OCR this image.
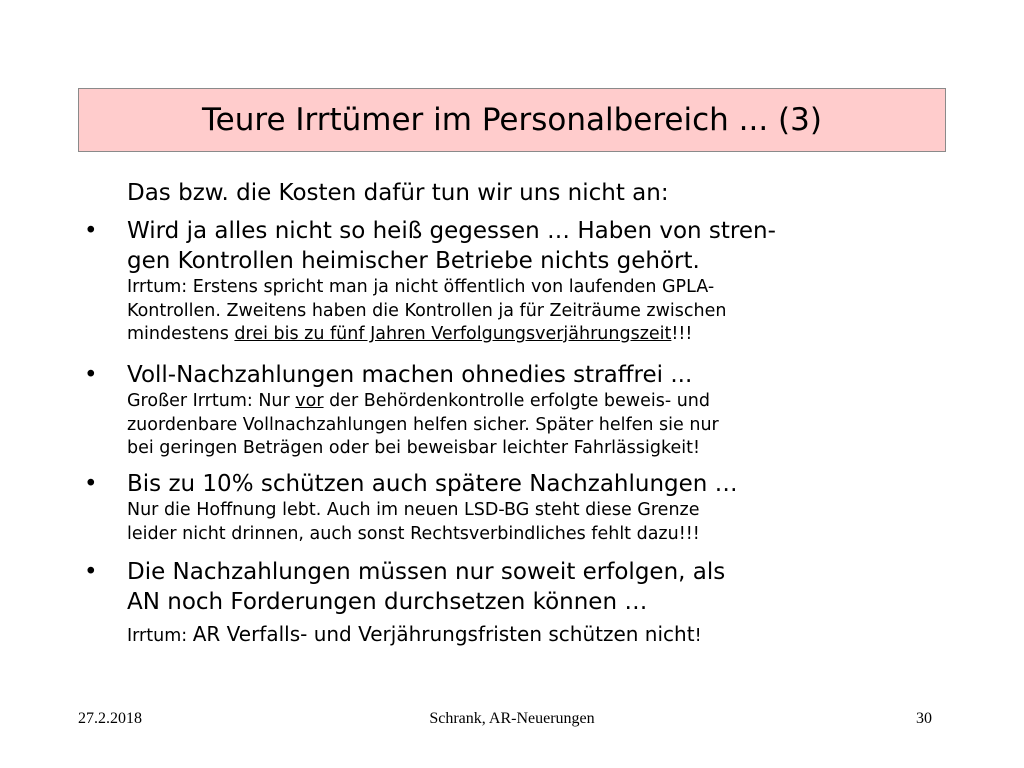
Teure Irrtümer im Personalbereich ... (3)
Das bzw. die Kosten dafür tun wir uns nicht an:
• Wird ja alles nicht so heiß gegessen … Haben von stren-
gen Kontrollen heimischer Betriebe nichts gehört.
Irrtum: Erstens spricht man ja nicht öffentlich von laufenden GPLA-
Kontrollen. Zweitens haben die Kontrollen ja für Zeiträume zwischen
mindestens drei bis zu fünf Jahren Verfolgungsverjährungszeit!!!
• Voll-Nachzahlungen machen ohnedies straffrei ...
Großer Irrtum: Nur vor der Behördenkontrolle erfolgte beweis- und
zuordenbare Vollnachzahlungen helfen sicher. Später helfen sie nur
bei geringen Beträgen oder bei beweisbar leichter Fahrlässigkeit!
• Bis zu 10% schützen auch spätere Nachzahlungen …
Nur die Hoffnung lebt. Auch im neuen LSD-BG steht diese Grenze
leider nicht drinnen, auch sonst Rechtsverbindliches fehlt dazu!!!
• Die Nachzahlungen müssen nur soweit erfolgen, als
AN noch Forderungen durchsetzen können …
Irrtum: AR Verfalls- und Verjährungsfristen schützen nicht!
27.2.2018	Schrank, AR-Neuerungen	30
